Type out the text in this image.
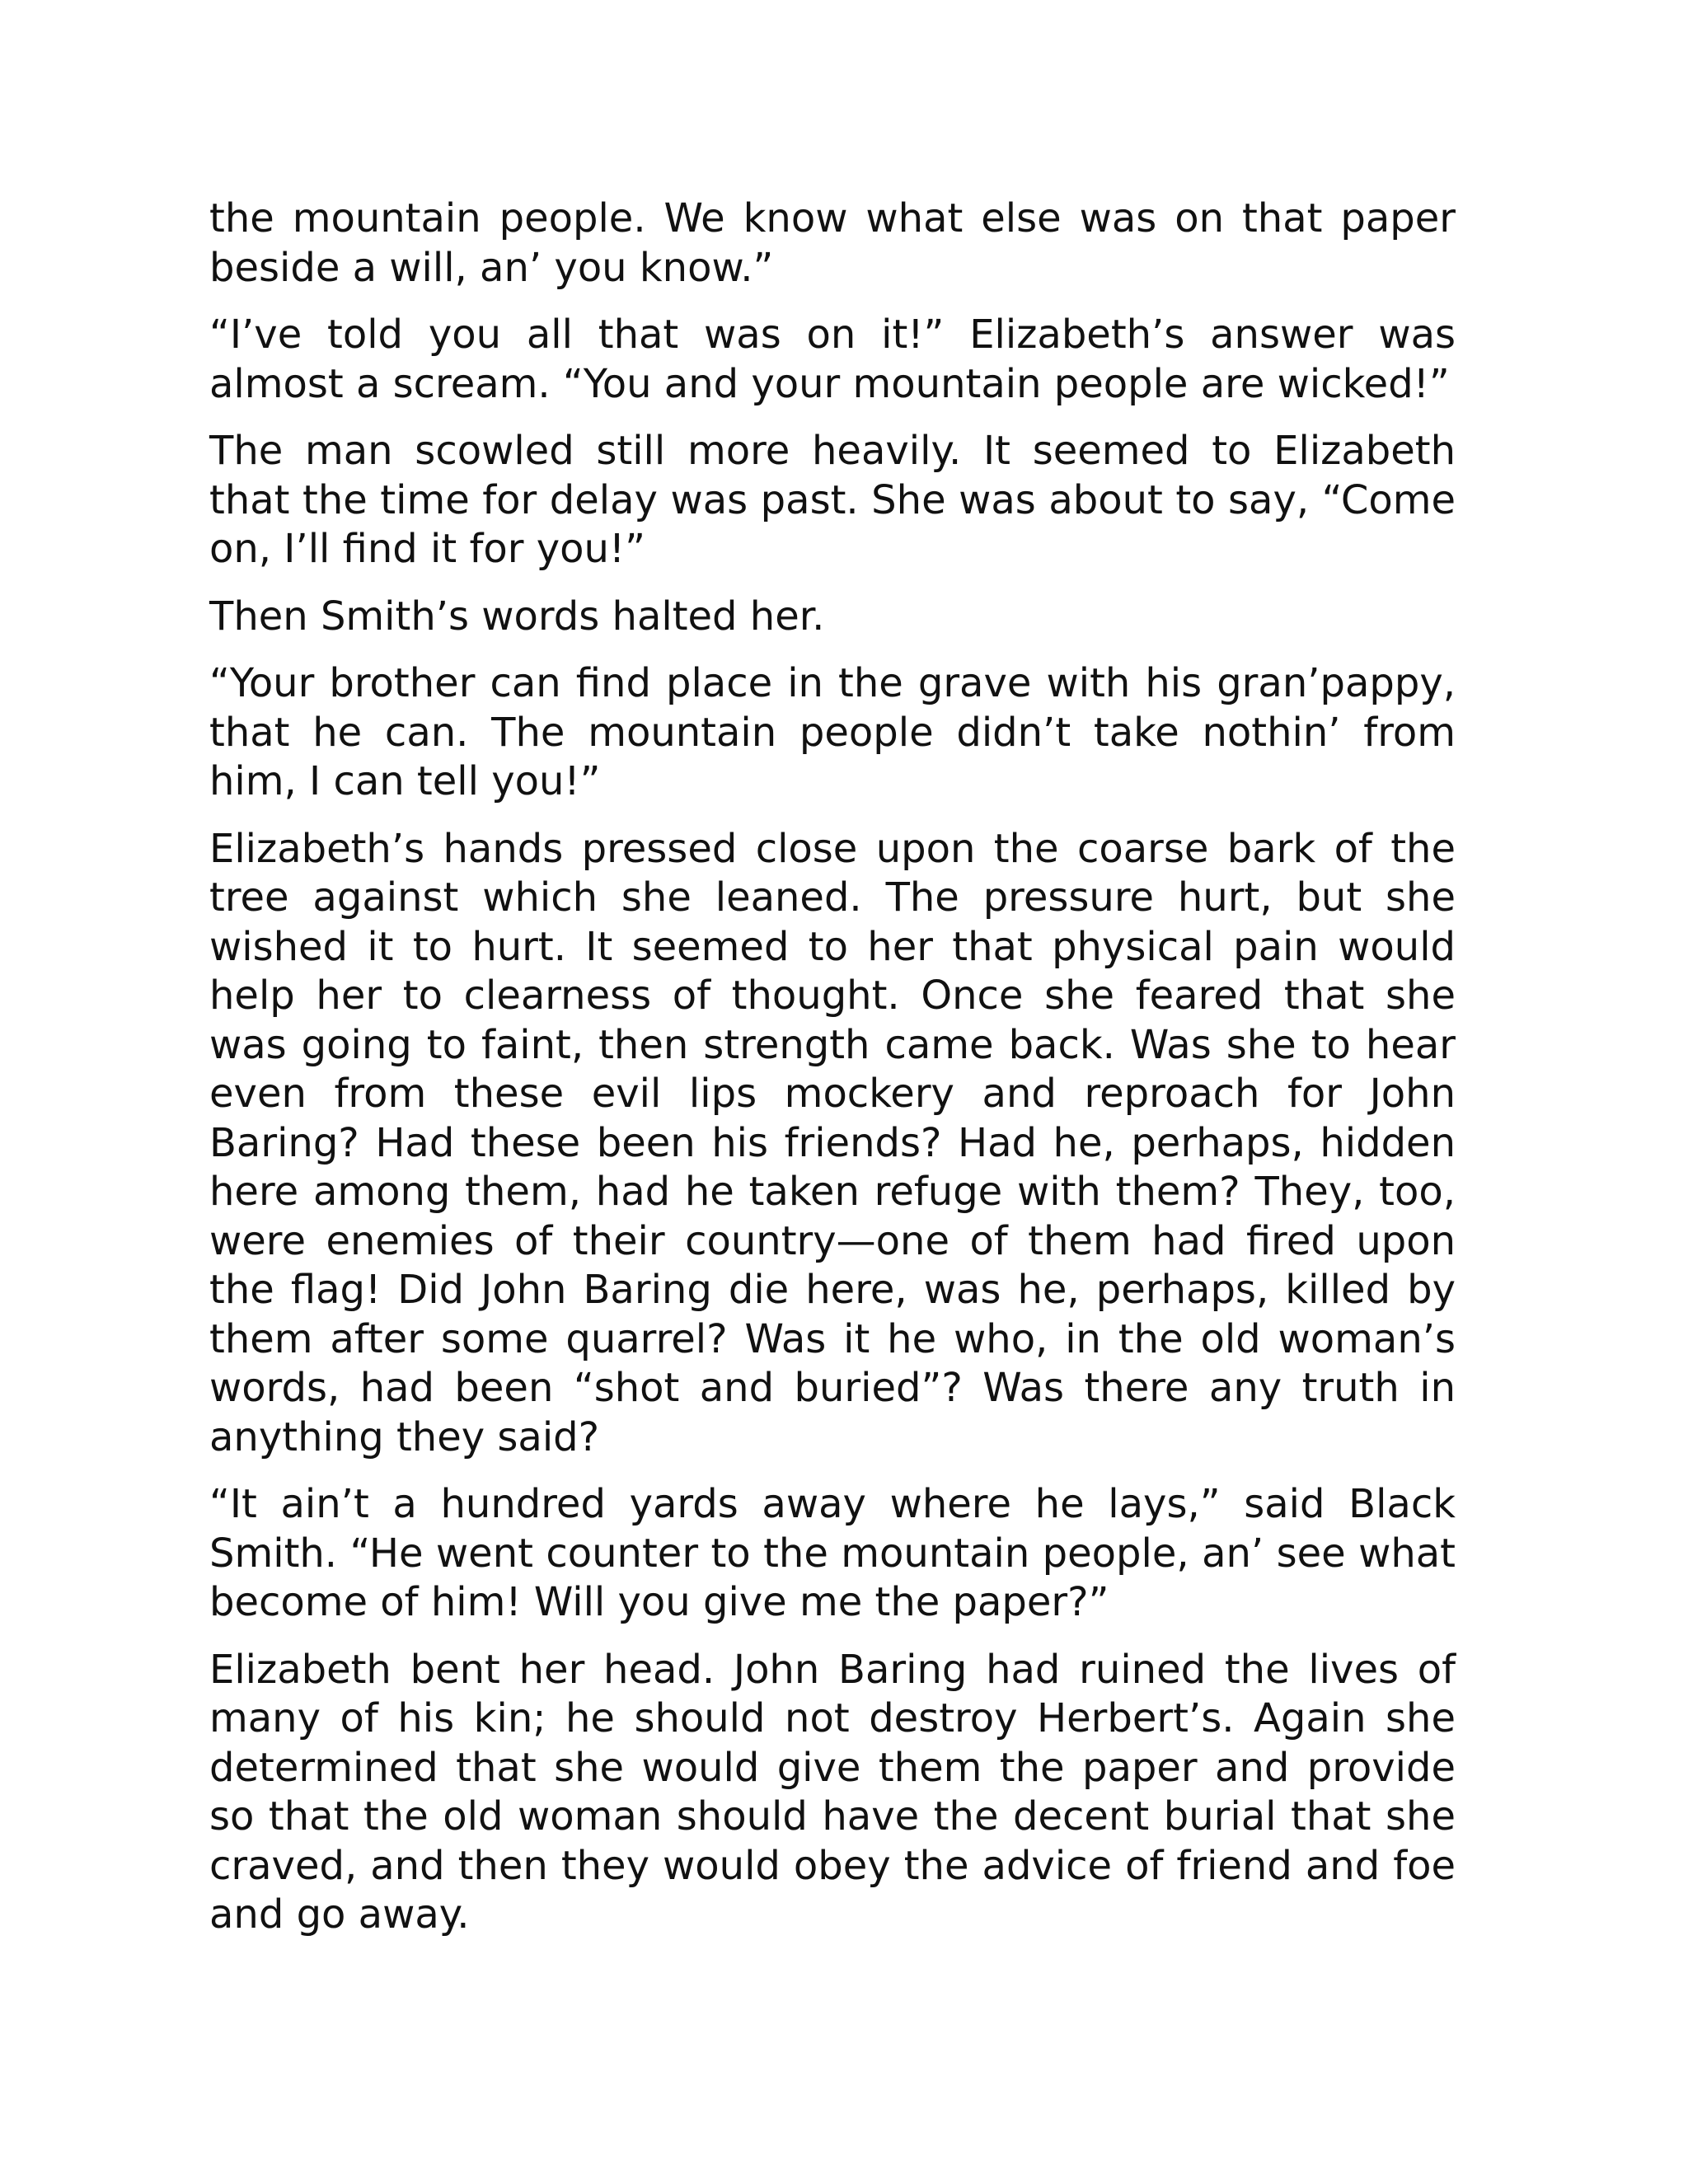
the mountain people. We know what else was on that paper beside a will, an’ you know.”

“I’ve told you all that was on it!” Elizabeth’s answer was almost a scream. “You and your mountain people are wicked!”

The man scowled still more heavily. It seemed to Elizabeth that the time for delay was past. She was about to say, “Come on, I’ll find it for you!”

Then Smith’s words halted her.

“Your brother can find place in the grave with his gran’pappy, that he can. The mountain people didn’t take nothin’ from him, I can tell you!”

Elizabeth’s hands pressed close upon the coarse bark of the tree against which she leaned. The pressure hurt, but she wished it to hurt. It seemed to her that physical pain would help her to clearness of thought. Once she feared that she was going to faint, then strength came back. Was she to hear even from these evil lips mockery and reproach for John Baring? Had these been his friends? Had he, perhaps, hidden here among them, had he taken refuge with them? They, too, were enemies of their country—one of them had fired upon the flag! Did John Baring die here, was he, perhaps, killed by them after some quarrel? Was it he who, in the old woman’s words, had been “shot and buried”? Was there any truth in anything they said?

“It ain’t a hundred yards away where he lays,” said Black Smith. “He went counter to the mountain people, an’ see what become of him! Will you give me the paper?”

Elizabeth bent her head. John Baring had ruined the lives of many of his kin; he should not destroy Herbert’s. Again she determined that she would give them the paper and provide so that the old woman should have the decent burial that she craved, and then they would obey the advice of friend and foe and go away.
